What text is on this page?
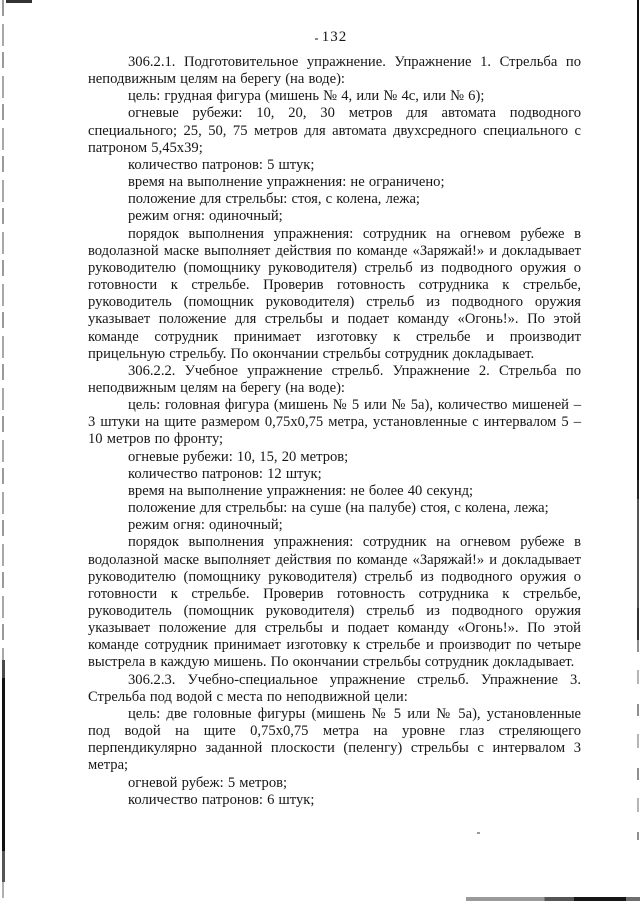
132

306.2.1. Подготовительное упражнение. Упражнение 1. Стрельба по неподвижным целям на берегу (на воде):

цель: грудная фигура (мишень № 4, или № 4с, или № 6);

огневые рубежи: 10, 20, 30 метров для автомата подводного специального; 25, 50, 75 метров для автомата двухсредного специального с патроном 5,45х39;

количество патронов: 5 штук;

время на выполнение упражнения: не ограничено;

положение для стрельбы: стоя, с колена, лежа;

режим огня: одиночный;

порядок выполнения упражнения: сотрудник на огневом рубеже в водолазной маске выполняет действия по команде «Заряжай!» и докладывает руководителю (помощнику руководителя) стрельб из подводного оружия о готовности к стрельбе. Проверив готовность сотрудника к стрельбе, руководитель (помощник руководителя) стрельб из подводного оружия указывает положение для стрельбы и подает команду «Огонь!». По этой команде сотрудник принимает изготовку к стрельбе и производит прицельную стрельбу. По окончании стрельбы сотрудник докладывает.

306.2.2. Учебное упражнение стрельб. Упражнение 2. Стрельба по неподвижным целям на берегу (на воде):

цель: головная фигура (мишень № 5 или № 5а), количество мишеней – 3 штуки на щите размером 0,75х0,75 метра, установленные с интервалом 5 – 10 метров по фронту;

огневые рубежи: 10, 15, 20 метров;

количество патронов: 12 штук;

время на выполнение упражнения: не более 40 секунд;

положение для стрельбы: на суше (на палубе) стоя, с колена, лежа;

режим огня: одиночный;

порядок выполнения упражнения: сотрудник на огневом рубеже в водолазной маске выполняет действия по команде «Заряжай!» и докладывает руководителю (помощнику руководителя) стрельб из подводного оружия о готовности к стрельбе. Проверив готовность сотрудника к стрельбе, руководитель (помощник руководителя) стрельб из подводного оружия указывает положение для стрельбы и подает команду «Огонь!». По этой команде сотрудник принимает изготовку к стрельбе и производит по четыре выстрела в каждую мишень. По окончании стрельбы сотрудник докладывает.

306.2.3. Учебно-специальное упражнение стрельб. Упражнение 3. Стрельба под водой с места по неподвижной цели:

цель: две головные фигуры (мишень № 5 или № 5а), установленные под водой на щите 0,75х0,75 метра на уровне глаз стреляющего перпендикулярно заданной плоскости (пеленгу) стрельбы с интервалом 3 метра;

огневой рубеж: 5 метров;

количество патронов: 6 штук;
